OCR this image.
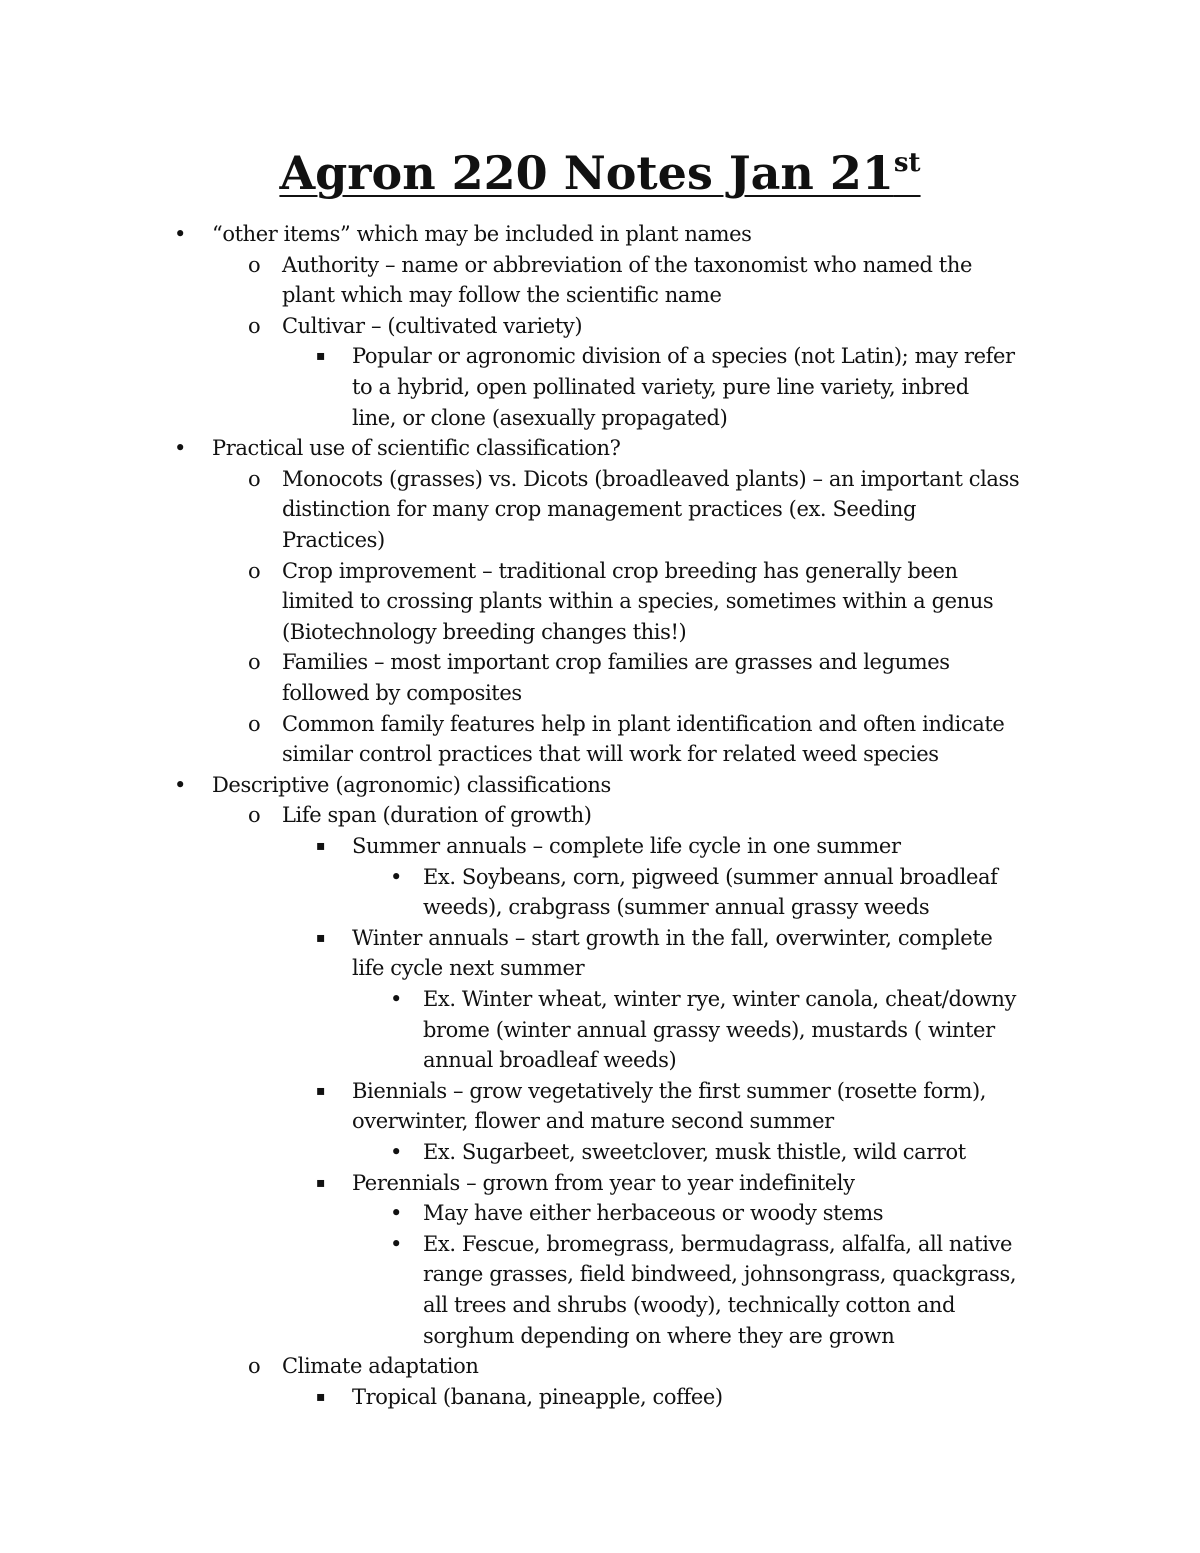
Agron 220 Notes Jan 21st
• “other items” which may be included in plant names
o Authority – name or abbreviation of the taxonomist who named the
plant which may follow the scientific name
o Cultivar – (cultivated variety)
▪ Popular or agronomic division of a species (not Latin); may refer
to a hybrid, open pollinated variety, pure line variety, inbred
line, or clone (asexually propagated)
• Practical use of scientific classification?
o Monocots (grasses) vs. Dicots (broadleaved plants) – an important class
distinction for many crop management practices (ex. Seeding
Practices)
o Crop improvement – traditional crop breeding has generally been
limited to crossing plants within a species, sometimes within a genus
(Biotechnology breeding changes this!)
o Families – most important crop families are grasses and legumes
followed by composites
o Common family features help in plant identification and often indicate
similar control practices that will work for related weed species
• Descriptive (agronomic) classifications
o Life span (duration of growth)
▪ Summer annuals – complete life cycle in one summer
• Ex. Soybeans, corn, pigweed (summer annual broadleaf
weeds), crabgrass (summer annual grassy weeds
▪ Winter annuals – start growth in the fall, overwinter, complete
life cycle next summer
• Ex. Winter wheat, winter rye, winter canola, cheat/downy
brome (winter annual grassy weeds), mustards ( winter
annual broadleaf weeds)
▪ Biennials – grow vegetatively the first summer (rosette form),
overwinter, flower and mature second summer
• Ex. Sugarbeet, sweetclover, musk thistle, wild carrot
▪ Perennials – grown from year to year indefinitely
• May have either herbaceous or woody stems
• Ex. Fescue, bromegrass, bermudagrass, alfalfa, all native
range grasses, field bindweed, johnsongrass, quackgrass,
all trees and shrubs (woody), technically cotton and
sorghum depending on where they are grown
o Climate adaptation
▪ Tropical (banana, pineapple, coffee)
